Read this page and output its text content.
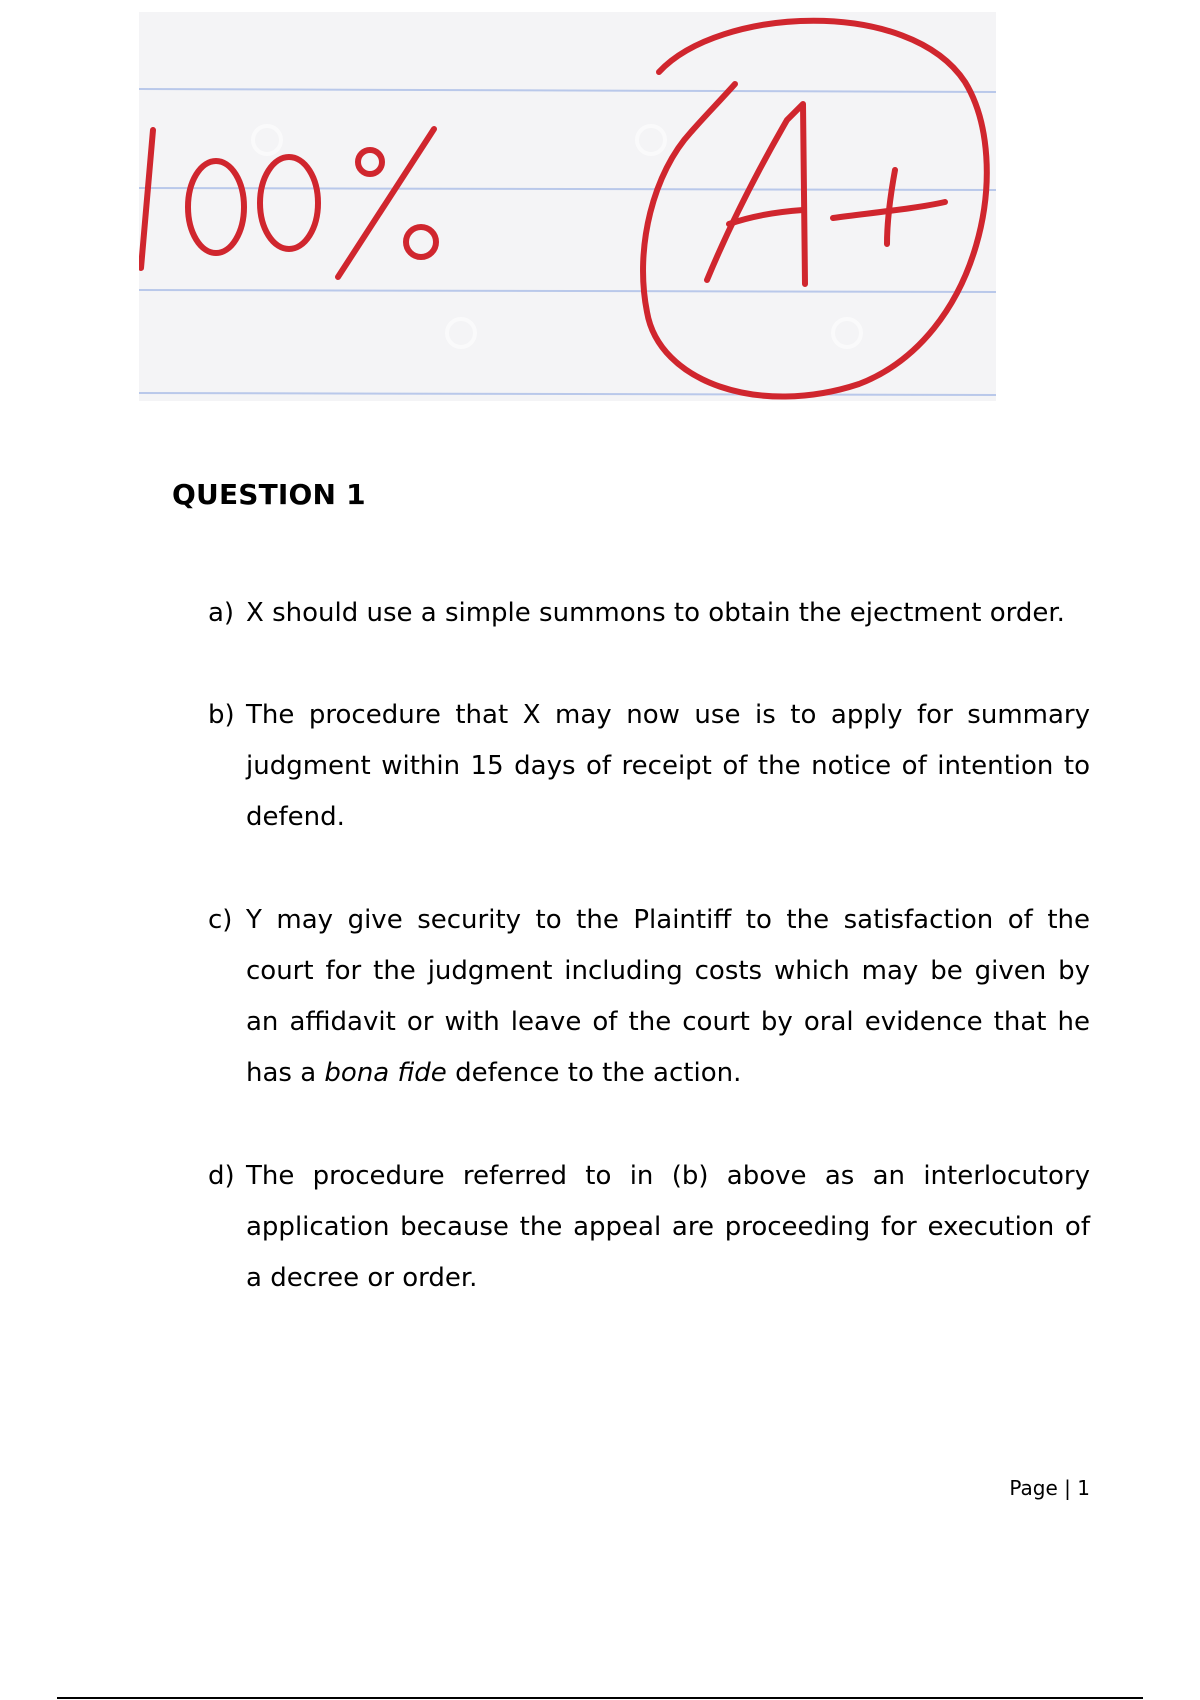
QUESTION 1
a) X should use a simple summons to obtain the ejectment order.
b) The procedure that X may now use is to apply for summary judgment within 15 days of receipt of the notice of intention to defend.
c) Y may give security to the Plaintiff to the satisfaction of the court for the judgment including costs which may be given by an affidavit or with leave of the court by oral evidence that he has a bona fide defence to the action.
d) The procedure referred to in (b) above as an interlocutory application because the appeal are proceeding for execution of a decree or order.
Page | 1
